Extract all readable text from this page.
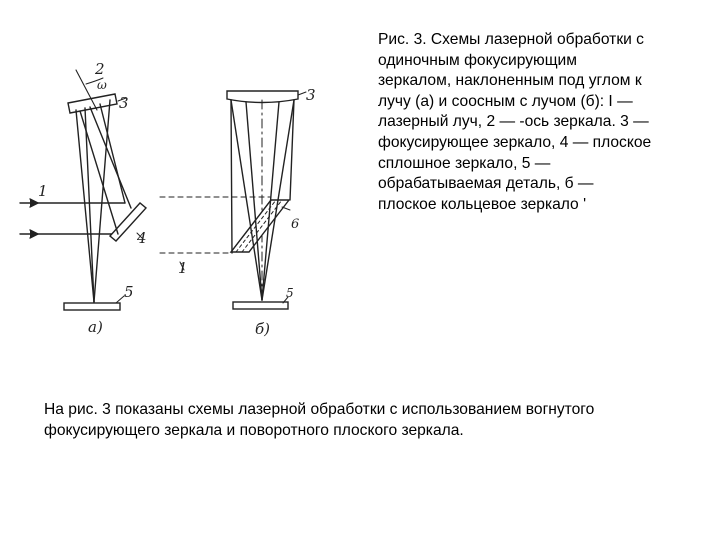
2
ω
3
1
4
5
a)
3
6
1
5
б)
Рис. 3. Схемы лазерной обработки с
одиночным фокусирующим
зеркалом, наклоненным под углом к
лучу (а) и соосным с лучом (б): I —
лазерный луч, 2 — -ось зеркала. 3 —
фокусирующее зеркало, 4 — плоское
сплошное зеркало, 5 —
обрабатываемая деталь, б —
плоское кольцевое зеркало '
На рис. 3 показаны схемы лазерной обработки с использованием вогнутого
фокусирующего зеркала и поворотного плоского зеркала.
